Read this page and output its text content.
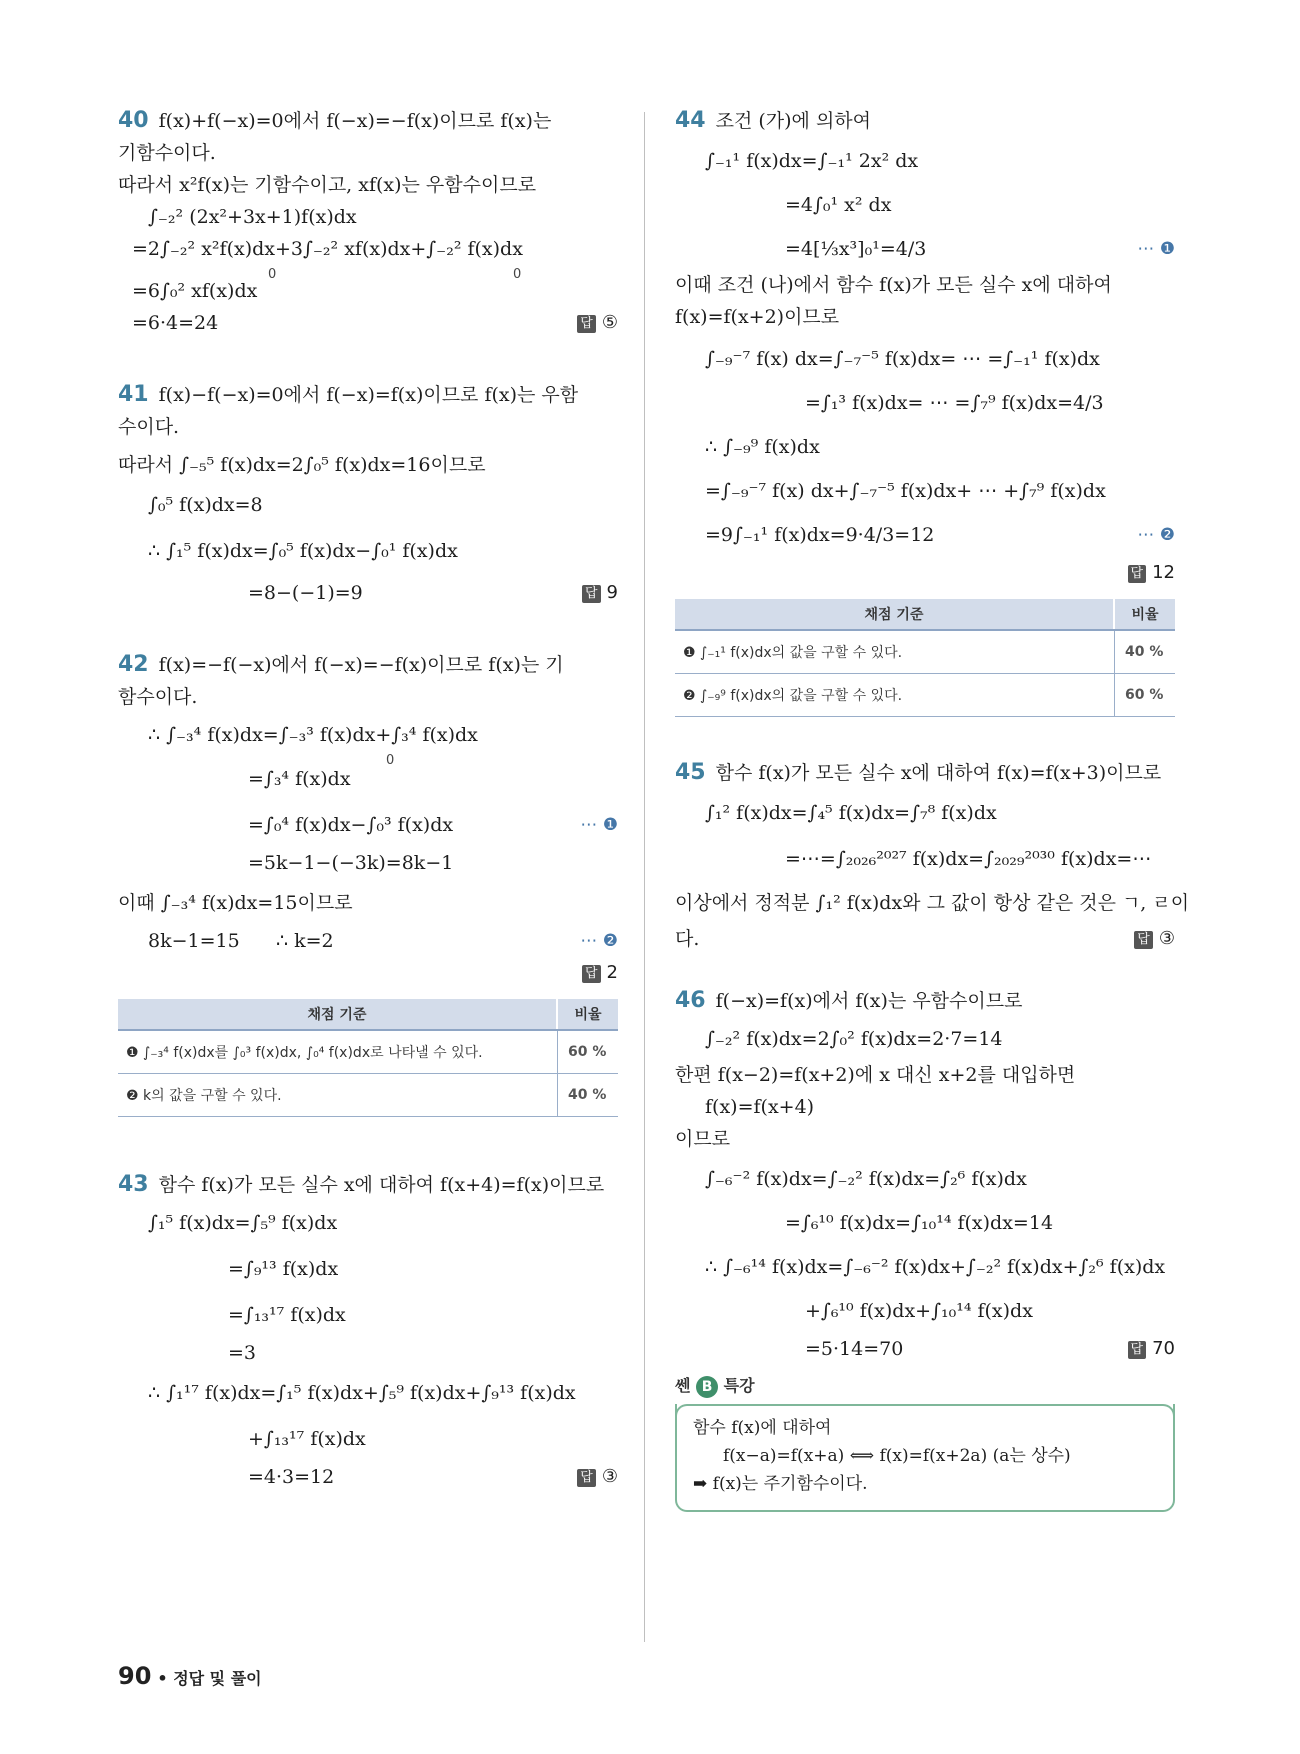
40 f(x)+f(−x)=0에서 f(−x)=−f(x)이므로 f(x)는
기함수이다.
따라서 x²f(x)는 기함수이고, xf(x)는 우함수이므로
∫₋₂² (2x²+3x+1)f(x)dx
=2∫₋₂² x²f(x)dx+3∫₋₂² xf(x)dx+∫₋₂² f(x)dx
0	0
=6∫₀² xf(x)dx
=6·4=24	답 ⑤
41 f(x)−f(−x)=0에서 f(−x)=f(x)이므로 f(x)는 우함
수이다.
따라서 ∫₋₅⁵ f(x)dx=2∫₀⁵ f(x)dx=16이므로
∫₀⁵ f(x)dx=8
∴ ∫₁⁵ f(x)dx=∫₀⁵ f(x)dx−∫₀¹ f(x)dx
=8−(−1)=9	답 9
42 f(x)=−f(−x)에서 f(−x)=−f(x)이므로 f(x)는 기
함수이다.
∴ ∫₋₃⁴ f(x)dx=∫₋₃³ f(x)dx+∫₃⁴ f(x)dx
0
=∫₃⁴ f(x)dx
=∫₀⁴ f(x)dx−∫₀³ f(x)dx	⋯ ❶
=5k−1−(−3k)=8k−1
이때 ∫₋₃⁴ f(x)dx=15이므로
8k−1=15      ∴ k=2	⋯ ❷
답 2

채점 기준	비율
❶ ∫₋₃⁴ f(x)dx를 ∫₀³ f(x)dx, ∫₀⁴ f(x)dx로 나타낼 수 있다.	60 %
❷ k의 값을 구할 수 있다.	40 %
43 함수 f(x)가 모든 실수 x에 대하여 f(x+4)=f(x)이므로
∫₁⁵ f(x)dx=∫₅⁹ f(x)dx
=∫₉¹³ f(x)dx
=∫₁₃¹⁷ f(x)dx
=3
∴ ∫₁¹⁷ f(x)dx=∫₁⁵ f(x)dx+∫₅⁹ f(x)dx+∫₉¹³ f(x)dx
+∫₁₃¹⁷ f(x)dx
=4·3=12	답 ③
44 조건 (가)에 의하여
∫₋₁¹ f(x)dx=∫₋₁¹ 2x² dx
=4∫₀¹ x² dx
=4[⅓x³]₀¹=4/3	⋯ ❶
이때 조건 (나)에서 함수 f(x)가 모든 실수 x에 대하여
f(x)=f(x+2)이므로
∫₋₉⁻⁷ f(x) dx=∫₋₇⁻⁵ f(x)dx= ⋯ =∫₋₁¹ f(x)dx
=∫₁³ f(x)dx= ⋯ =∫₇⁹ f(x)dx=4/3
∴ ∫₋₉⁹ f(x)dx
=∫₋₉⁻⁷ f(x) dx+∫₋₇⁻⁵ f(x)dx+ ⋯ +∫₇⁹ f(x)dx
=9∫₋₁¹ f(x)dx=9·4/3=12	⋯ ❷
답 12

채점 기준	비율
❶ ∫₋₁¹ f(x)dx의 값을 구할 수 있다.	40 %
❷ ∫₋₉⁹ f(x)dx의 값을 구할 수 있다.	60 %
45 함수 f(x)가 모든 실수 x에 대하여 f(x)=f(x+3)이므로
∫₁² f(x)dx=∫₄⁵ f(x)dx=∫₇⁸ f(x)dx
=⋯=∫₂₀₂₆²⁰²⁷ f(x)dx=∫₂₀₂₉²⁰³⁰ f(x)dx=⋯
이상에서 정적분 ∫₁² f(x)dx와 그 값이 항상 같은 것은 ㄱ, ㄹ이
다.	답 ③
46 f(−x)=f(x)에서 f(x)는 우함수이므로
∫₋₂² f(x)dx=2∫₀² f(x)dx=2·7=14
한편 f(x−2)=f(x+2)에 x 대신 x+2를 대입하면
f(x)=f(x+4)
이므로
∫₋₆⁻² f(x)dx=∫₋₂² f(x)dx=∫₂⁶ f(x)dx
=∫₆¹⁰ f(x)dx=∫₁₀¹⁴ f(x)dx=14
∴ ∫₋₆¹⁴ f(x)dx=∫₋₆⁻² f(x)dx+∫₋₂² f(x)dx+∫₂⁶ f(x)dx
+∫₆¹⁰ f(x)dx+∫₁₀¹⁴ f(x)dx
=5·14=70	답 70
쎈 B 특강
함수 f(x)에 대하여
f(x−a)=f(x+a) ⟺ f(x)=f(x+2a) (a는 상수)
➡ f(x)는 주기함수이다.
90 • 정답 및 풀이
